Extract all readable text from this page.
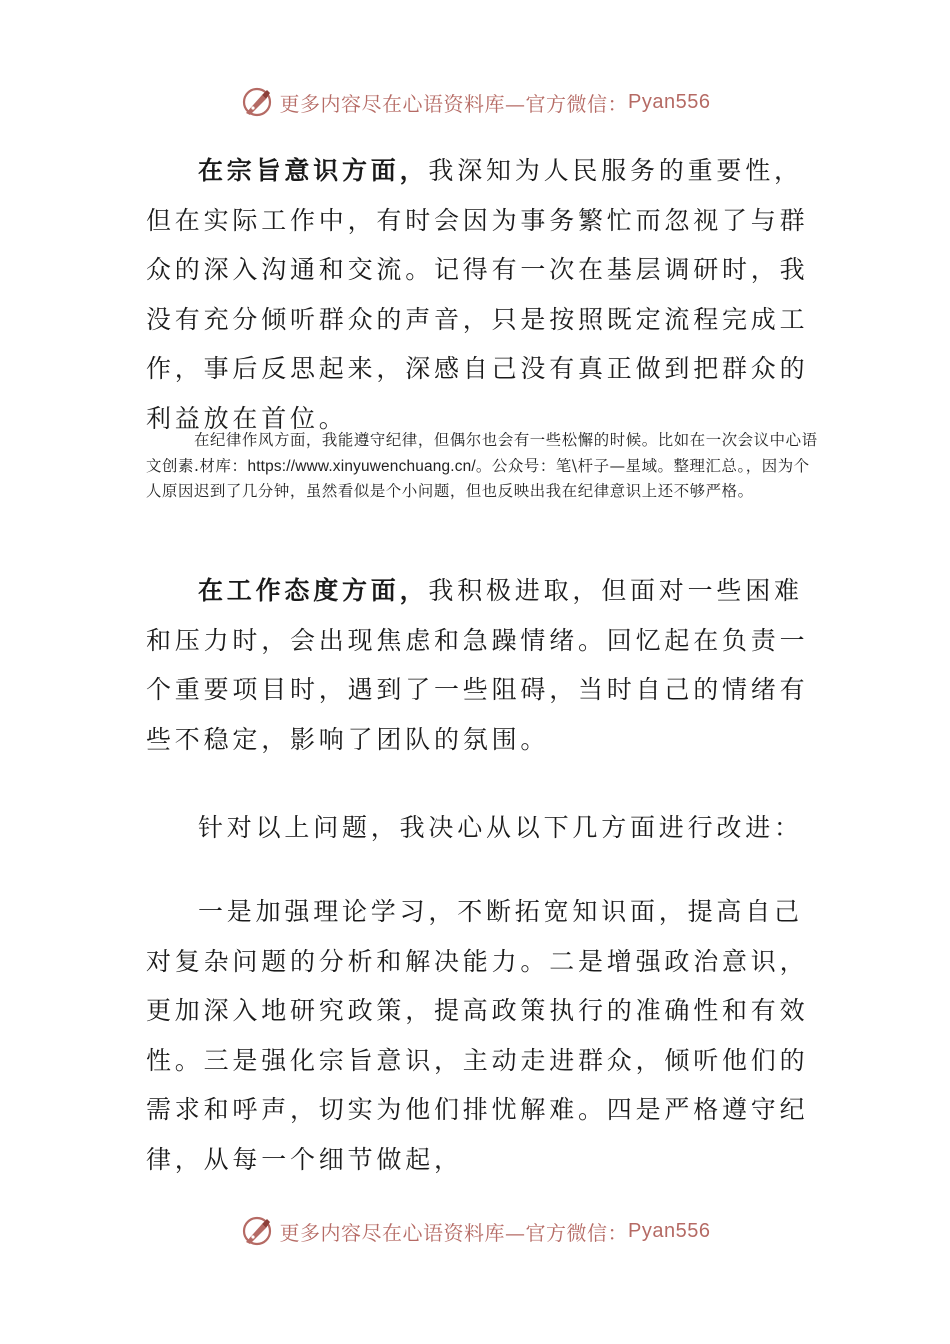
更多内容尽在心语资料库—官方微信： Pyan556

在宗旨意识方面，我深知为人民服务的重要性，但在实际工作中，有时会因为事务繁忙而忽视了与群众的深入沟通和交流。记得有一次在基层调研时，我没有充分倾听群众的声音，只是按照既定流程完成工作，事后反思起来，深感自己没有真正做到把群众的利益放在首位。

在纪律作风方面，我能遵守纪律，但偶尔也会有一些松懈的时候。比如在一次会议中心语文创素.材库：https://www.xinyuwenchuang.cn/。公众号：笔\杆子—星域。整理汇总。，因为个人原因迟到了几分钟，虽然看似是个小问题，但也反映出我在纪律意识上还不够严格。

在工作态度方面，我积极进取，但面对一些困难和压力时，会出现焦虑和急躁情绪。回忆起在负责一个重要项目时，遇到了一些阻碍，当时自己的情绪有些不稳定，影响了团队的氛围。

针对以上问题，我决心从以下几方面进行改进：

一是加强理论学习，不断拓宽知识面，提高自己对复杂问题的分析和解决能力。二是增强政治意识，更加深入地研究政策，提高政策执行的准确性和有效性。三是强化宗旨意识，主动走进群众，倾听他们的需求和呼声，切实为他们排忧解难。四是严格遵守纪律，从每一个细节做起，

更多内容尽在心语资料库—官方微信： Pyan556
